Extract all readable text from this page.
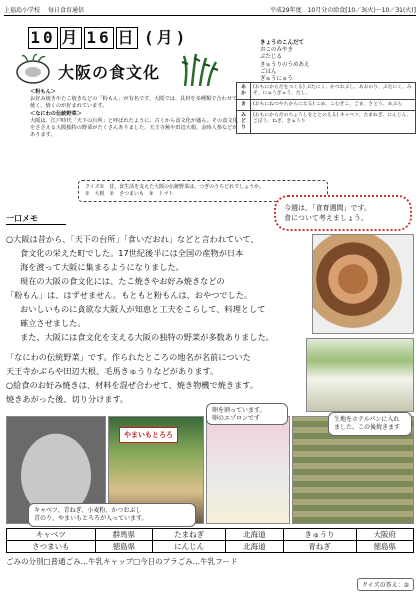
上福島小学校 毎日食育通信	平成29年度　10月分の給食[10／3(火)～10／31(火)]
10 月 16 日 (月)
大阪の食文化
＜粉もん＞
お好み焼きやたこ焼きなどの「粉もん」が有名です。大阪では、具材を多種類で合わせて焼く、焼くのが好まれています。
＜なにわの伝統野菜＞
大阪は、江戸時代「天下の台所」と呼ばれたように、古くから食文化が盛ん。その食文化をささえる大阪独特の野菜がたくさんありました。天王寺蕪や田辺大根、金時人参などがあります。
きょうのこんだて
おこのみやき
ぶたじる
きゅうりのうめあえ
ごはん
ぎゅうにゅう
あか	(おもにからだをつくる) ぶたにく、かつおぶし、あおのり、ぶたにく、みそ、にゅうぎゅう、だし、
き	(おもにねつやちからになる) こめ、こむぎこ、ごま、さとう、あぶら
みどり	(おもにからだのちょうしをととのえる) キャベツ、たまねぎ、にんじん、ごぼう、ねぎ、きゅうり
クイズ①　昔、食生活を支えた大阪の伝統野菜は、つぎのうちどれでしょうか。
①　大根　②　さつまいも　③　トマト
今週は、「食育週間」です。
食について考えましょう。
一口メモ
○大阪は昔から、「天下の台所」「食いだおれ」などと言われていて、
食文化の栄えた町でした。17世紀後半には全国の産物が日本
海を渡って大阪に集まるようになりました。
現在の大阪の食文化には、たこ焼きやお好み焼きなどの
「粉もん」は、はずせません。もともと粉もんは、おやつでした。
おいしいものに貪欲な大阪人が知恵と工夫をこらして、料理として
確立させました。
また、大阪には食文化を支える大阪の独特の野菜が多数ありました。
「なにわの伝統野菜」です。作られたところの地名が名前についた
天王寺かぶらや田辺大根、毛馬きゅうりなどがあります。
○給食のお好み焼きは、材料を混ぜ合わせて、焼き物機で焼きます。
焼きあがった後、切り分けます。
やまいもとろろ
キャベツ、青ねぎ、小麦粉、かつおぶし
青のり、やまいもとろろが入っています。
卵を割っています。
卵のエプロンです	生地をホテルパンに入れ
ました。この後焼きます
キャベツ	群馬県	たまねぎ	北海道	きゅうり	大阪府
さつまいも	徳島県	にんじん	北海道	青ねぎ	徳島県
ごみの分別□普通ごみ…牛乳キャップ□今日のプラごみ…牛乳フード
クイズの答え：②
